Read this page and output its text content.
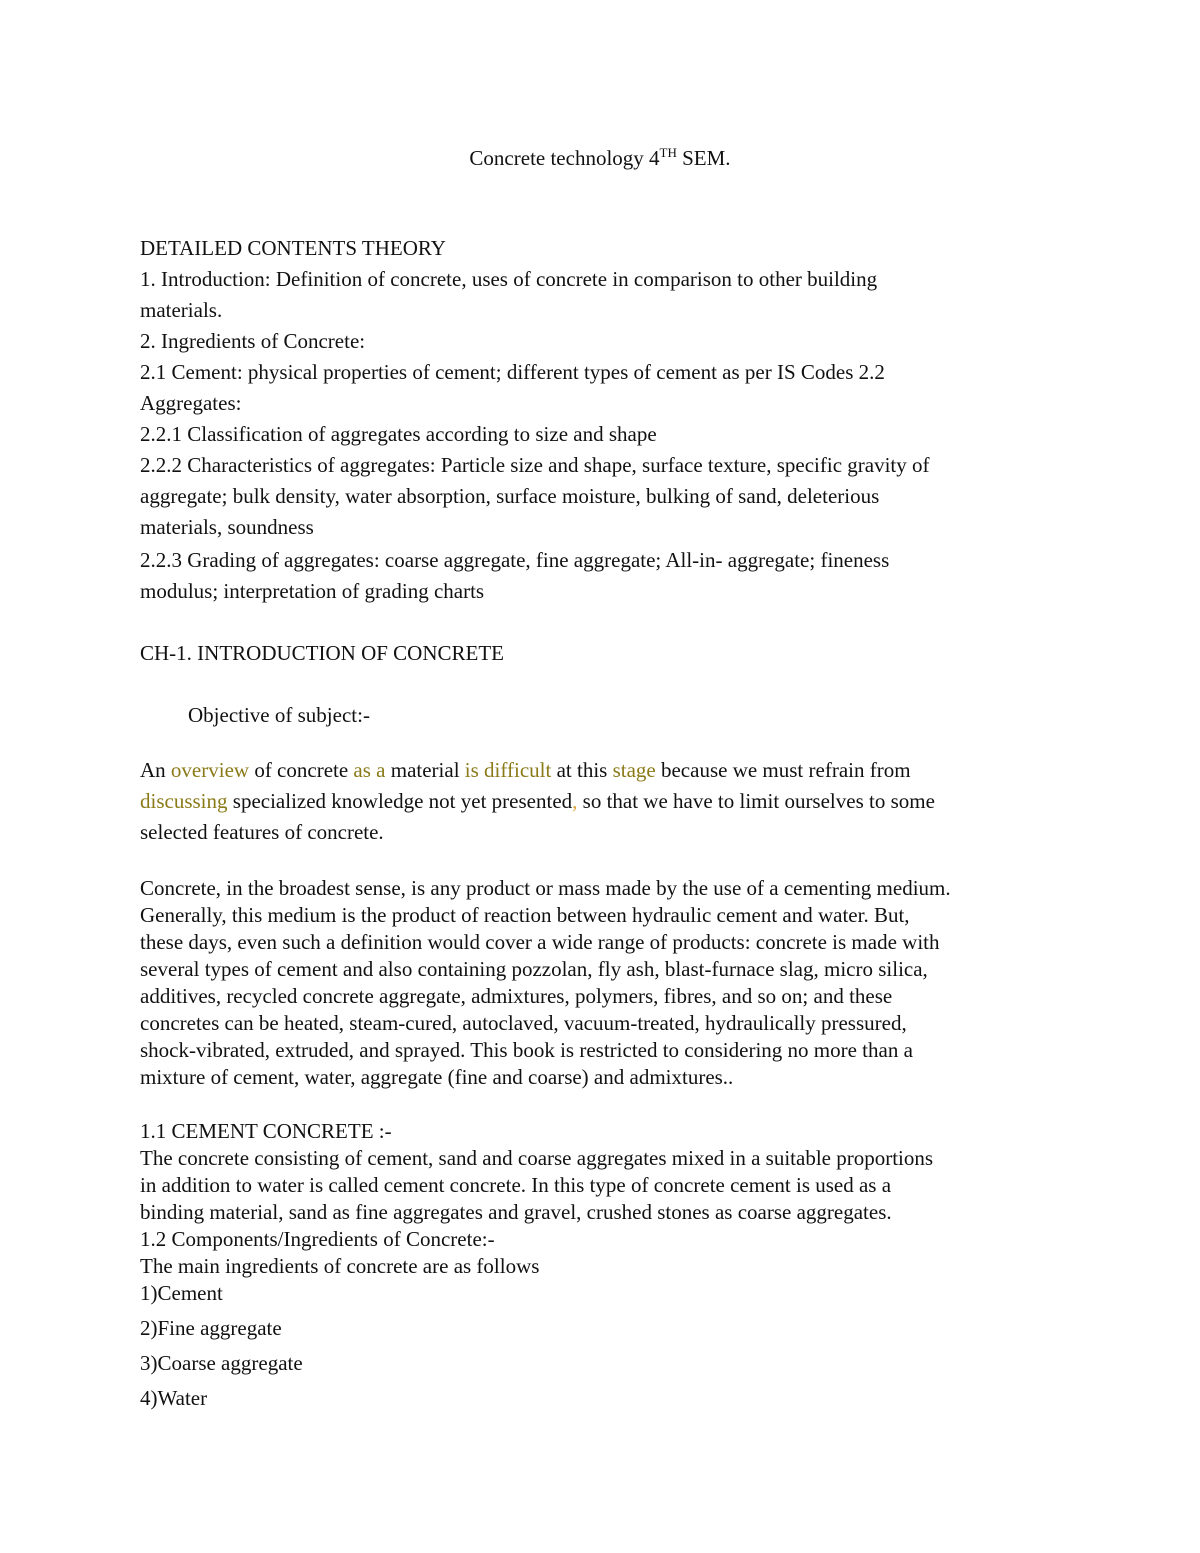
Concrete technology 4TH SEM.
DETAILED CONTENTS THEORY
1. Introduction: Definition of concrete, uses of concrete in comparison to other building
materials.
2. Ingredients of Concrete:
2.1 Cement: physical properties of cement; different types of cement as per IS Codes 2.2
Aggregates:
2.2.1 Classification of aggregates according to size and shape
2.2.2 Characteristics of aggregates: Particle size and shape, surface texture, specific gravity of
aggregate; bulk density, water absorption, surface moisture, bulking of sand, deleterious
materials, soundness
2.2.3 Grading of aggregates: coarse aggregate, fine aggregate; All-in- aggregate; fineness
modulus; interpretation of grading charts
CH-1. INTRODUCTION OF CONCRETE
Objective of subject:-
An overview of concrete as a material is difficult at this stage because we must refrain from
discussing specialized knowledge not yet presented, so that we have to limit ourselves to some
selected features of concrete.
Concrete, in the broadest sense, is any product or mass made by the use of a cementing medium.
Generally, this medium is the product of reaction between hydraulic cement and water. But,
these days, even such a definition would cover a wide range of products: concrete is made with
several types of cement and also containing pozzolan, fly ash, blast-furnace slag, micro silica,
additives, recycled concrete aggregate, admixtures, polymers, fibres, and so on; and these
concretes can be heated, steam-cured, autoclaved, vacuum-treated, hydraulically pressured,
shock-vibrated, extruded, and sprayed. This book is restricted to considering no more than a
mixture of cement, water, aggregate (fine and coarse) and admixtures..
1.1 CEMENT CONCRETE :-
The concrete consisting of cement, sand and coarse aggregates mixed in a suitable proportions
in addition to water is called cement concrete. In this type of concrete cement is used as a
binding material, sand as fine aggregates and gravel, crushed stones as coarse aggregates.
1.2 Components/Ingredients of Concrete:-
The main ingredients of concrete are as follows
1)Cement
2)Fine aggregate
3)Coarse aggregate
4)Water
